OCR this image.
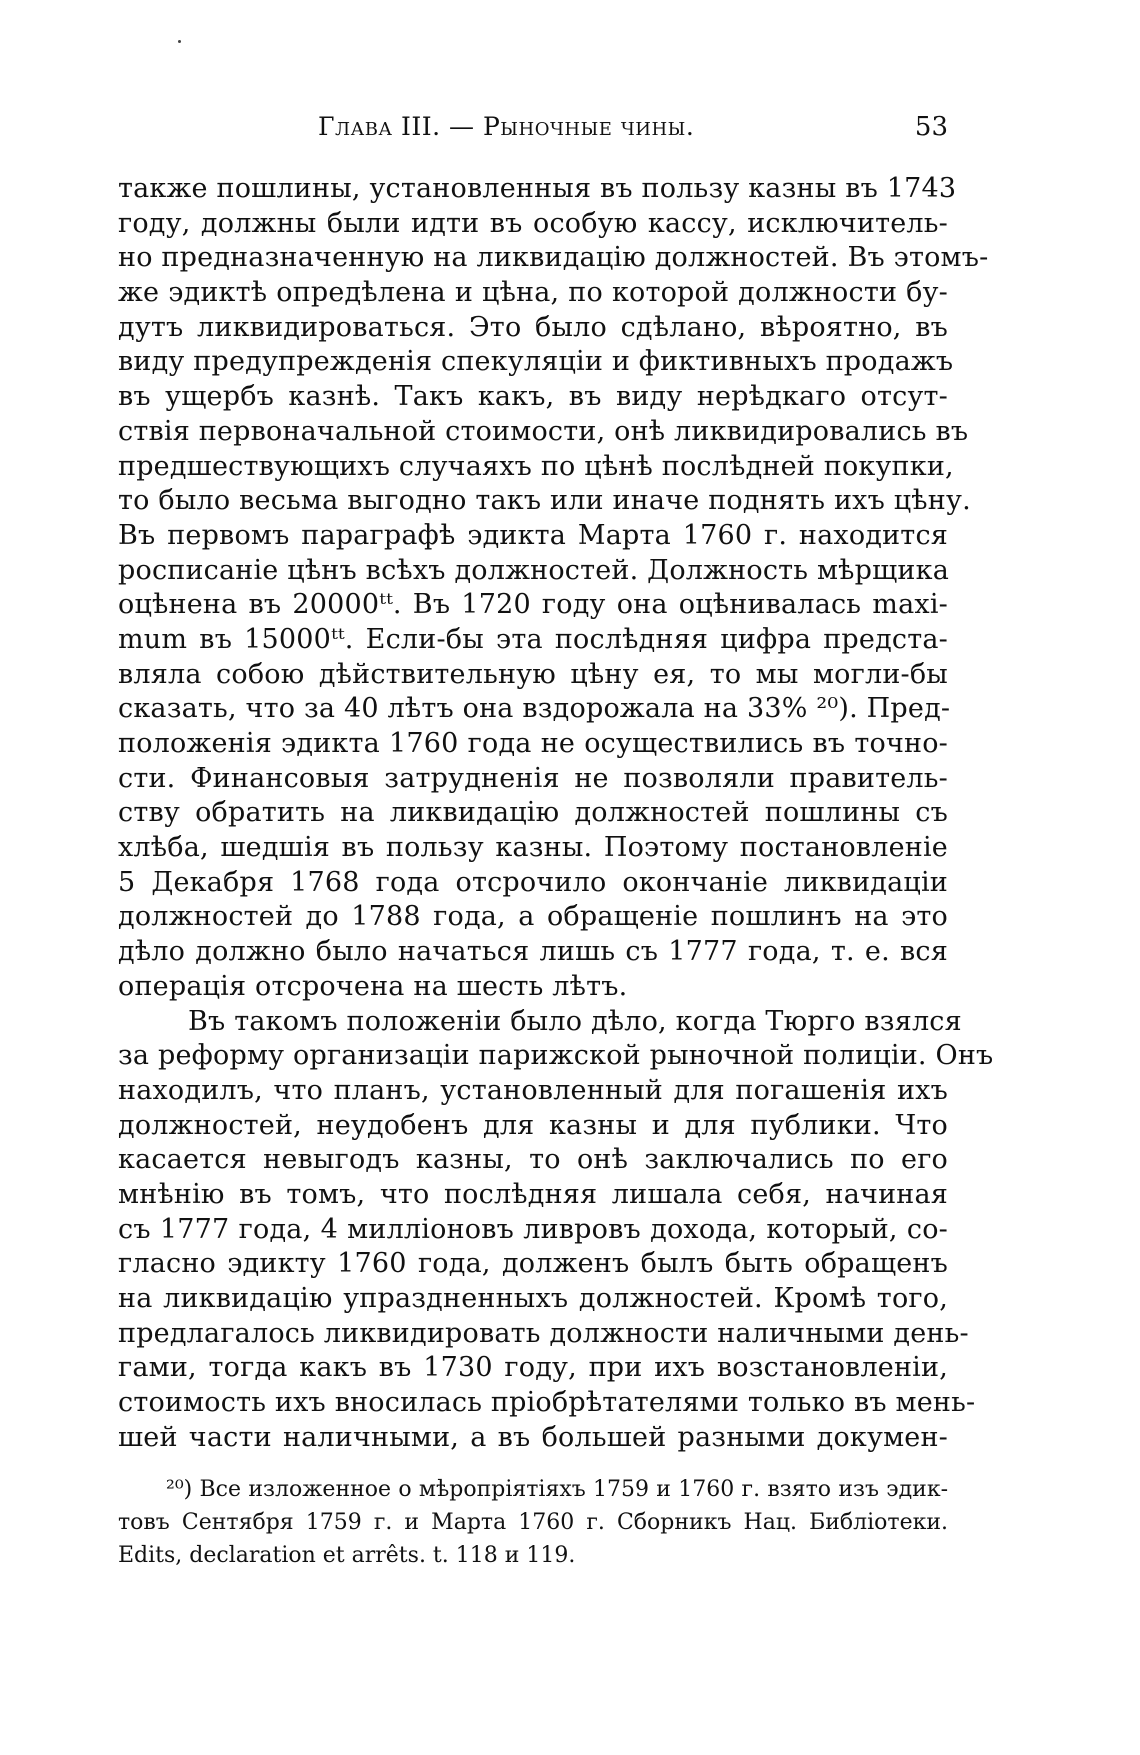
Глава III. — Рыночные чины.	53
также пошлины, установленныя въ пользу казны въ 1743
году, должны были идти въ особую кассу, исключитель-
но предназначенную на ликвидацію должностей. Въ этомъ-
же эдиктѣ опредѣлена и цѣна, по которой должности бу-
дутъ ликвидироваться. Это было сдѣлано, вѣроятно, въ
виду предупрежденія спекуляціи и фиктивныхъ продажъ
въ ущербъ казнѣ. Такъ какъ, въ виду нерѣдкаго отсут-
ствія первоначальной стоимости, онѣ ликвидировались въ
предшествующихъ случаяхъ по цѣнѣ послѣдней покупки,
то было весьма выгодно такъ или иначе поднять ихъ цѣну.
Въ первомъ параграфѣ эдикта Марта 1760 г. находится
росписаніе цѣнъ всѣхъ должностей. Должность мѣрщика
оцѣнена въ 20000ᵗᵗ. Въ 1720 году она оцѣнивалась maxi-
mum въ 15000ᵗᵗ. Если-бы эта послѣдняя цифра предста-
вляла собою дѣйствительную цѣну ея, то мы могли-бы
сказать, что за 40 лѣтъ она вздорожала на 33% ²⁰). Пред-
положенія эдикта 1760 года не осуществились въ точно-
сти. Финансовыя затрудненія не позволяли правитель-
ству обратить на ликвидацію должностей пошлины съ
хлѣба, шедшія въ пользу казны. Поэтому постановленіе
5 Декабря 1768 года отсрочило окончаніе ликвидаціи
должностей до 1788 года, а обращеніе пошлинъ на это
дѣло должно было начаться лишь съ 1777 года, т. е. вся
операція отсрочена на шесть лѣтъ.
Въ такомъ положеніи было дѣло, когда Тюрго взялся
за реформу организаціи парижской рыночной полиціи. Онъ
находилъ, что планъ, установленный для погашенія ихъ
должностей, неудобенъ для казны и для публики. Что
касается невыгодъ казны, то онѣ заключались по его
мнѣнію въ томъ, что послѣдняя лишала себя, начиная
съ 1777 года, 4 милліоновъ ливровъ дохода, который, со-
гласно эдикту 1760 года, долженъ былъ быть обращенъ
на ликвидацію упраздненныхъ должностей. Кромѣ того,
предлагалось ликвидировать должности наличными день-
гами, тогда какъ въ 1730 году, при ихъ возстановленіи,
стоимость ихъ вносилась пріобрѣтателями только въ мень-
шей части наличными, а въ большей разными докумен-
²⁰) Все изложенное о мѣропріятіяхъ 1759 и 1760 г. взято изъ эдик-
товъ Сентября 1759 г. и Марта 1760 г. Сборникъ Нац. Библіотеки.
Edits, declaration et arrêts. t. 118 и 119.
